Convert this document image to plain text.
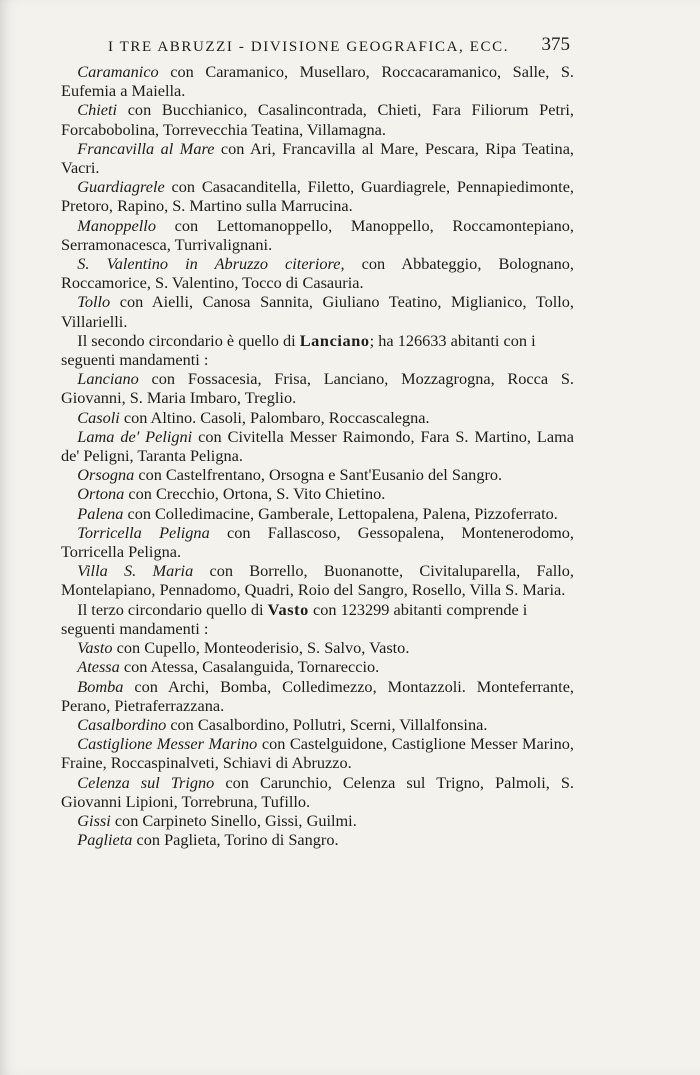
I TRE ABRUZZI - DIVISIONE GEOGRAFICA, ECC. 375

 Caramanico con Caramanico, Musellaro, Roccacaramanico, Salle, S. Eufemia a Maiella.

 Chieti con Bucchianico, Casalincontrada, Chieti, Fara Filiorum Petri, Forcabobolina, Torrevecchia Teatina, Villamagna.

 Francavilla al Mare con Ari, Francavilla al Mare, Pescara, Ripa Teatina, Vacri.

 Guardiagrele con Casacanditella, Filetto, Guardiagrele, Pennapiedimonte, Pretoro, Rapino, S. Martino sulla Marrucina.

 Manoppello con Lettomanoppello, Manoppello, Roccamontepiano, Serramonacesca, Turrivalignani.

 S. Valentino in Abruzzo citeriore, con Abbateggio, Bolognano, Roccamorice, S. Valentino, Tocco di Casauria.

 Tollo con Aielli, Canosa Sannita, Giuliano Teatino, Miglianico, Tollo, Villarielli.

 Il secondo circondario è quello di Lanciano; ha 126633 abitanti con i seguenti mandamenti :

 Lanciano con Fossacesia, Frisa, Lanciano, Mozzagrogna, Rocca S. Giovanni, S. Maria Imbaro, Treglio.

 Casoli con Altino. Casoli, Palombaro, Roccascalegna.

 Lama de' Peligni con Civitella Messer Raimondo, Fara S. Martino, Lama de' Peligni, Taranta Peligna.

 Orsogna con Castelfrentano, Orsogna e Sant'Eusanio del Sangro.

 Ortona con Crecchio, Ortona, S. Vito Chietino.

 Palena con Colledimacine, Gamberale, Lettopalena, Palena, Pizzoferrato.

 Torricella Peligna con Fallascoso, Gessopalena, Montenerodomo, Torricella Peligna.

 Villa S. Maria con Borrello, Buonanotte, Civitaluparella, Fallo, Montelapiano, Pennadomo, Quadri, Roio del Sangro, Rosello, Villa S. Maria.

 Il terzo circondario quello di Vasto con 123299 abitanti comprende i seguenti mandamenti :

 Vasto con Cupello, Monteoderisio, S. Salvo, Vasto.

 Atessa con Atessa, Casalanguida, Tornareccio.

 Bomba con Archi, Bomba, Colledimezzo, Montazzoli. Monteferrante, Perano, Pietraferrazzana.

 Casalbordino con Casalbordino, Pollutri, Scerni, Villalfonsina.

 Castiglione Messer Marino con Castelguidone, Castiglione Messer Marino, Fraine, Roccaspinalveti, Schiavi di Abruzzo.

 Celenza sul Trigno con Carunchio, Celenza sul Trigno, Palmoli, S. Giovanni Lipioni, Torrebruna, Tufillo.

 Gissi con Carpineto Sinello, Gissi, Guilmi.

 Paglieta con Paglieta, Torino di Sangro.
